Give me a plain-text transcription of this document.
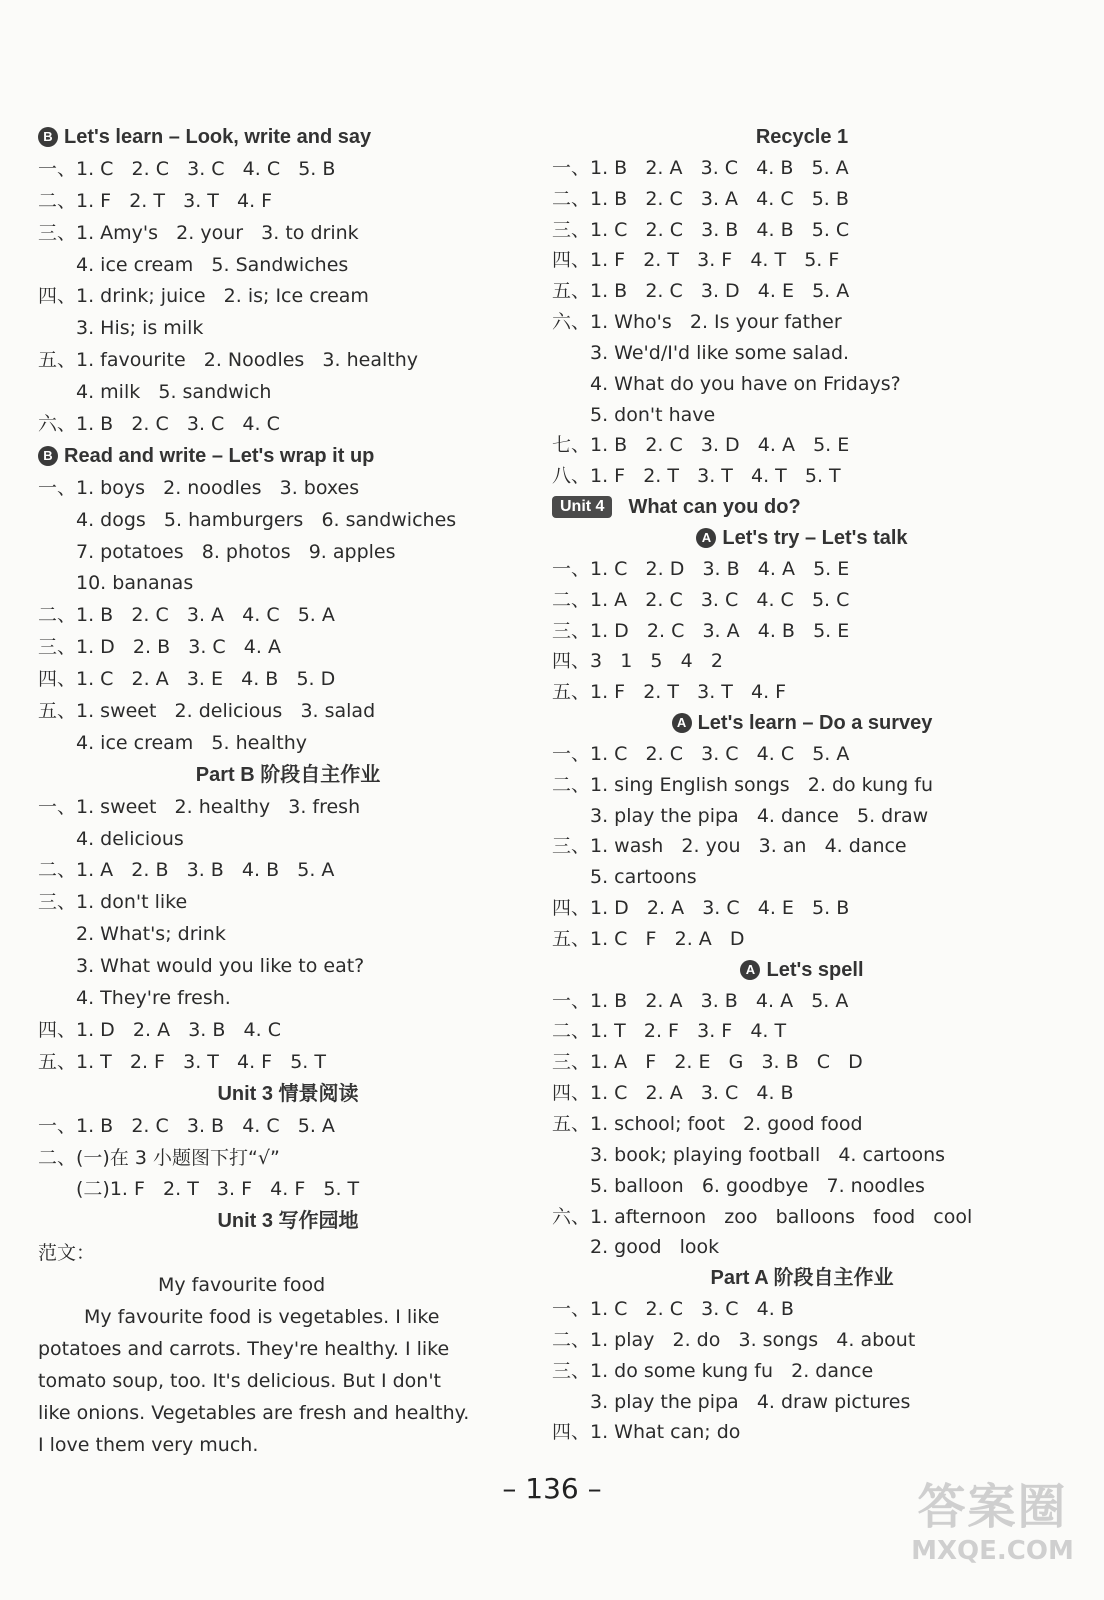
B Let's learn – Look, write and say
一、1. C   2. C   3. C   4. C   5. B
二、1. F   2. T   3. T   4. F
三、1. Amy's   2. your   3. to drink
4. ice cream   5. Sandwiches
四、1. drink; juice   2. is; Ice cream
3. His; is milk
五、1. favourite   2. Noodles   3. healthy
4. milk   5. sandwich
六、1. B   2. C   3. C   4. C
B Read and write – Let's wrap it up
一、1. boys   2. noodles   3. boxes
4. dogs   5. hamburgers   6. sandwiches
7. potatoes   8. photos   9. apples
10. bananas
二、1. B   2. C   3. A   4. C   5. A
三、1. D   2. B   3. C   4. A
四、1. C   2. A   3. E   4. B   5. D
五、1. sweet   2. delicious   3. salad
4. ice cream   5. healthy
Part B 阶段自主作业
一、1. sweet   2. healthy   3. fresh
4. delicious
二、1. A   2. B   3. B   4. B   5. A
三、1. don't like
2. What's; drink
3. What would you like to eat?
4. They're fresh.
四、1. D   2. A   3. B   4. C
五、1. T   2. F   3. T   4. F   5. T
Unit 3 情景阅读
一、1. B   2. C   3. B   4. C   5. A
二、(一)在 3 小题图下打“√”
(二)1. F   2. T   3. F   4. F   5. T
Unit 3 写作园地
范文：
My favourite food
My favourite food is vegetables. I like
potatoes and carrots. They're healthy. I like
tomato soup, too. It's delicious. But I don't
like onions. Vegetables are fresh and healthy.
I love them very much.
Recycle 1
一、1. B   2. A   3. C   4. B   5. A
二、1. B   2. C   3. A   4. C   5. B
三、1. C   2. C   3. B   4. B   5. C
四、1. F   2. T   3. F   4. T   5. F
五、1. B   2. C   3. D   4. E   5. A
六、1. Who's   2. Is your father
3. We'd/I'd like some salad.
4. What do you have on Fridays?
5. don't have
七、1. B   2. C   3. D   4. A   5. E
八、1. F   2. T   3. T   4. T   5. T
Unit 4 What can you do?
A Let's try – Let's talk
一、1. C   2. D   3. B   4. A   5. E
二、1. A   2. C   3. C   4. C   5. C
三、1. D   2. C   3. A   4. B   5. E
四、3   1   5   4   2
五、1. F   2. T   3. T   4. F
A Let's learn – Do a survey
一、1. C   2. C   3. C   4. C   5. A
二、1. sing English songs   2. do kung fu
3. play the pipa   4. dance   5. draw
三、1. wash   2. you   3. an   4. dance
5. cartoons
四、1. D   2. A   3. C   4. E   5. B
五、1. C   F   2. A   D
A Let's spell
一、1. B   2. A   3. B   4. A   5. A
二、1. T   2. F   3. F   4. T
三、1. A   F   2. E   G   3. B   C   D
四、1. C   2. A   3. C   4. B
五、1. school; foot   2. good food
3. book; playing football   4. cartoons
5. balloon   6. goodbye   7. noodles
六、1. afternoon   zoo   balloons   food   cool
2. good   look
Part A 阶段自主作业
一、1. C   2. C   3. C   4. B
二、1. play   2. do   3. songs   4. about
三、1. do some kung fu   2. dance
3. play the pipa   4. draw pictures
四、1. What can; do
– 136 –	答案圈
MXQE.COM
